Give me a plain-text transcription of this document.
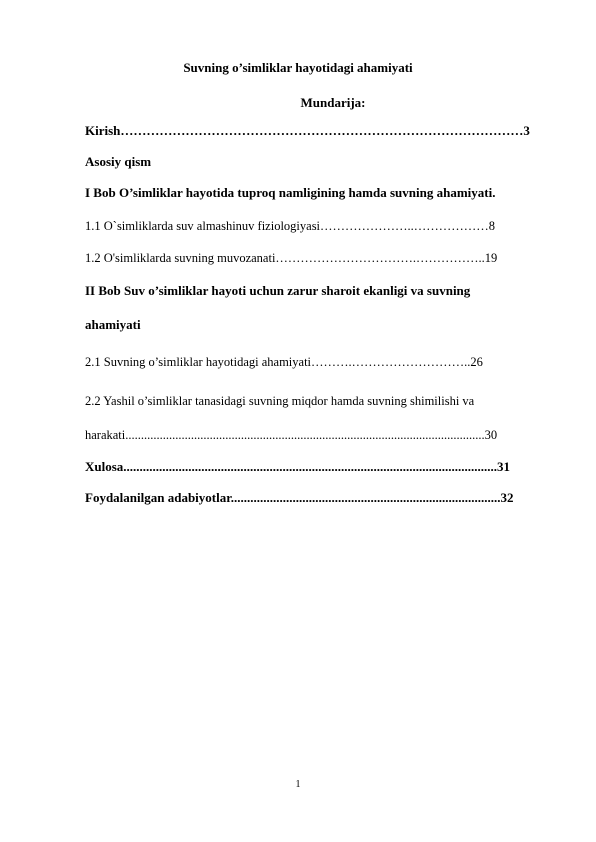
Suvning o’simliklar hayotidagi ahamiyati
Mundarija:
Kirish…………………………………………………………………………………3
Asosiy qism
I Bob O’simliklar hayotida tuproq namligining hamda suvning ahamiyati.
1.1 O`simliklarda suv almashinuv fiziologiyasi…………………..………………8
1.2 O'simliklarda suvning muvozanati…………………………….……………..19
II Bob Suv o’simliklar hayoti uchun zarur sharoit ekanligi va suvning
ahamiyati
2.1 Suvning o’simliklar hayotidagi ahamiyati……….………………………..26
2.2 Yashil o’simliklar tanasidagi suvning miqdor hamda suvning shimilishi va
harakati...................................................................................................................30
Xulosa...................................................................................................................31
Foydalanilgan adabiyotlar...................................................................................32
1
